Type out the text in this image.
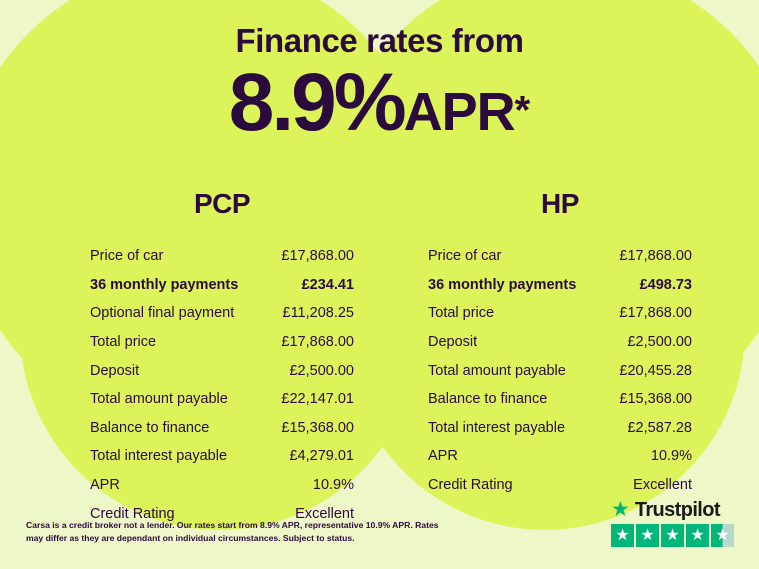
Finance rates from
8.9%APR*
PCP
Price of car	£17,868.00
36 monthly payments	£234.41
Optional final payment	£11,208.25
Total price	£17,868.00
Deposit	£2,500.00
Total amount payable	£22,147.01
Balance to finance	£15,368.00
Total interest payable	£4,279.01
APR	10.9%
Credit Rating	Excellent
HP
Price of car	£17,868.00
36 monthly payments	£498.73
Total price	£17,868.00
Deposit	£2,500.00
Total amount payable	£20,455.28
Balance to finance	£15,368.00
Total interest payable	£2,587.28
APR	10.9%
Credit Rating	Excellent
Carsa is a credit broker not a lender. Our rates start from 8.9% APR, representative 10.9% APR. Rates may differ as they are dependant on individual circumstances. Subject to status.
★ Trustpilot
★ ★ ★ ★ ★
